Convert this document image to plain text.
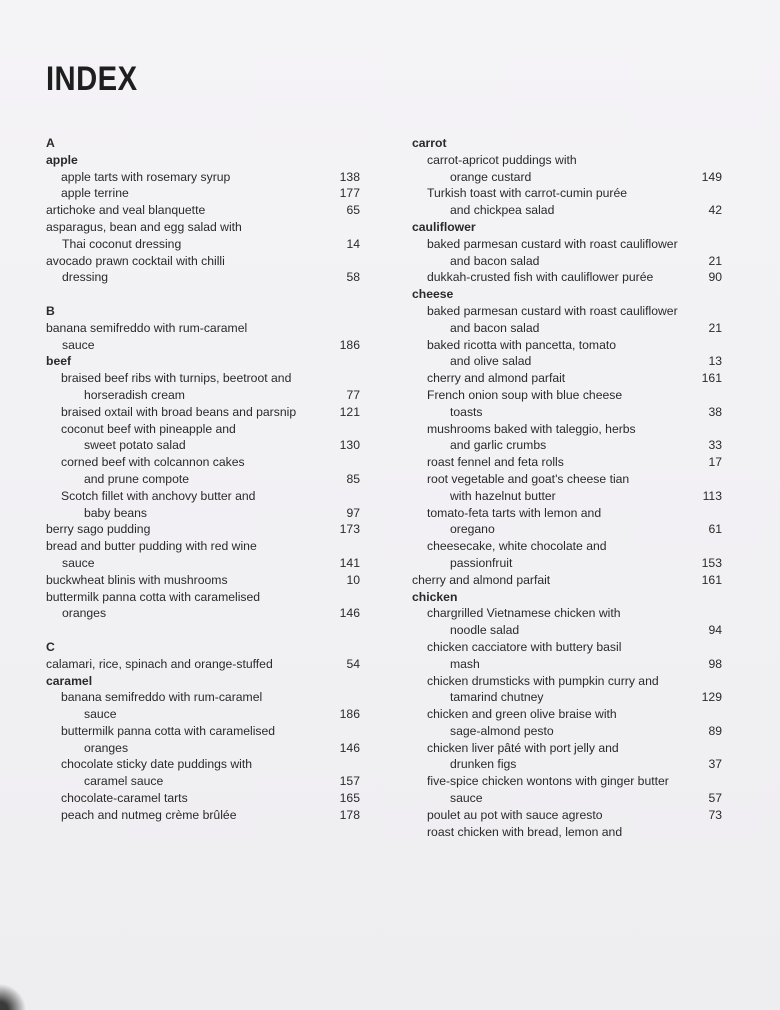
INDEX
A
apple
apple tarts with rosemary syrup	138
apple terrine	177
artichoke and veal blanquette	65
asparagus, bean and egg salad with
Thai coconut dressing	14
avocado prawn cocktail with chilli
dressing	58
B
banana semifreddo with rum-caramel
sauce	186
beef
braised beef ribs with turnips, beetroot and
horseradish cream	77
braised oxtail with broad beans and parsnip	121
coconut beef with pineapple and
sweet potato salad	130
corned beef with colcannon cakes
and prune compote	85
Scotch fillet with anchovy butter and
baby beans	97
berry sago pudding	173
bread and butter pudding with red wine
sauce	141
buckwheat blinis with mushrooms	10
buttermilk panna cotta with caramelised
oranges	146
C
calamari, rice, spinach and orange-stuffed	54
caramel
banana semifreddo with rum-caramel
sauce	186
buttermilk panna cotta with caramelised
oranges	146
chocolate sticky date puddings with
caramel sauce	157
chocolate-caramel tarts	165
peach and nutmeg crème brûlée	178
carrot
carrot-apricot puddings with
orange custard	149
Turkish toast with carrot-cumin purée
and chickpea salad	42
cauliflower
baked parmesan custard with roast cauliflower
and bacon salad	21
dukkah-crusted fish with cauliflower purée	90
cheese
baked parmesan custard with roast cauliflower
and bacon salad	21
baked ricotta with pancetta, tomato
and olive salad	13
cherry and almond parfait	161
French onion soup with blue cheese
toasts	38
mushrooms baked with taleggio, herbs
and garlic crumbs	33
roast fennel and feta rolls	17
root vegetable and goat's cheese tian
with hazelnut butter	113
tomato-feta tarts with lemon and
oregano	61
cheesecake, white chocolate and
passionfruit	153
cherry and almond parfait	161
chicken
chargrilled Vietnamese chicken with
noodle salad	94
chicken cacciatore with buttery basil
mash	98
chicken drumsticks with pumpkin curry and
tamarind chutney	129
chicken and green olive braise with
sage-almond pesto	89
chicken liver pâté with port jelly and
drunken figs	37
five-spice chicken wontons with ginger butter
sauce	57
poulet au pot with sauce agresto	73
roast chicken with bread, lemon and
